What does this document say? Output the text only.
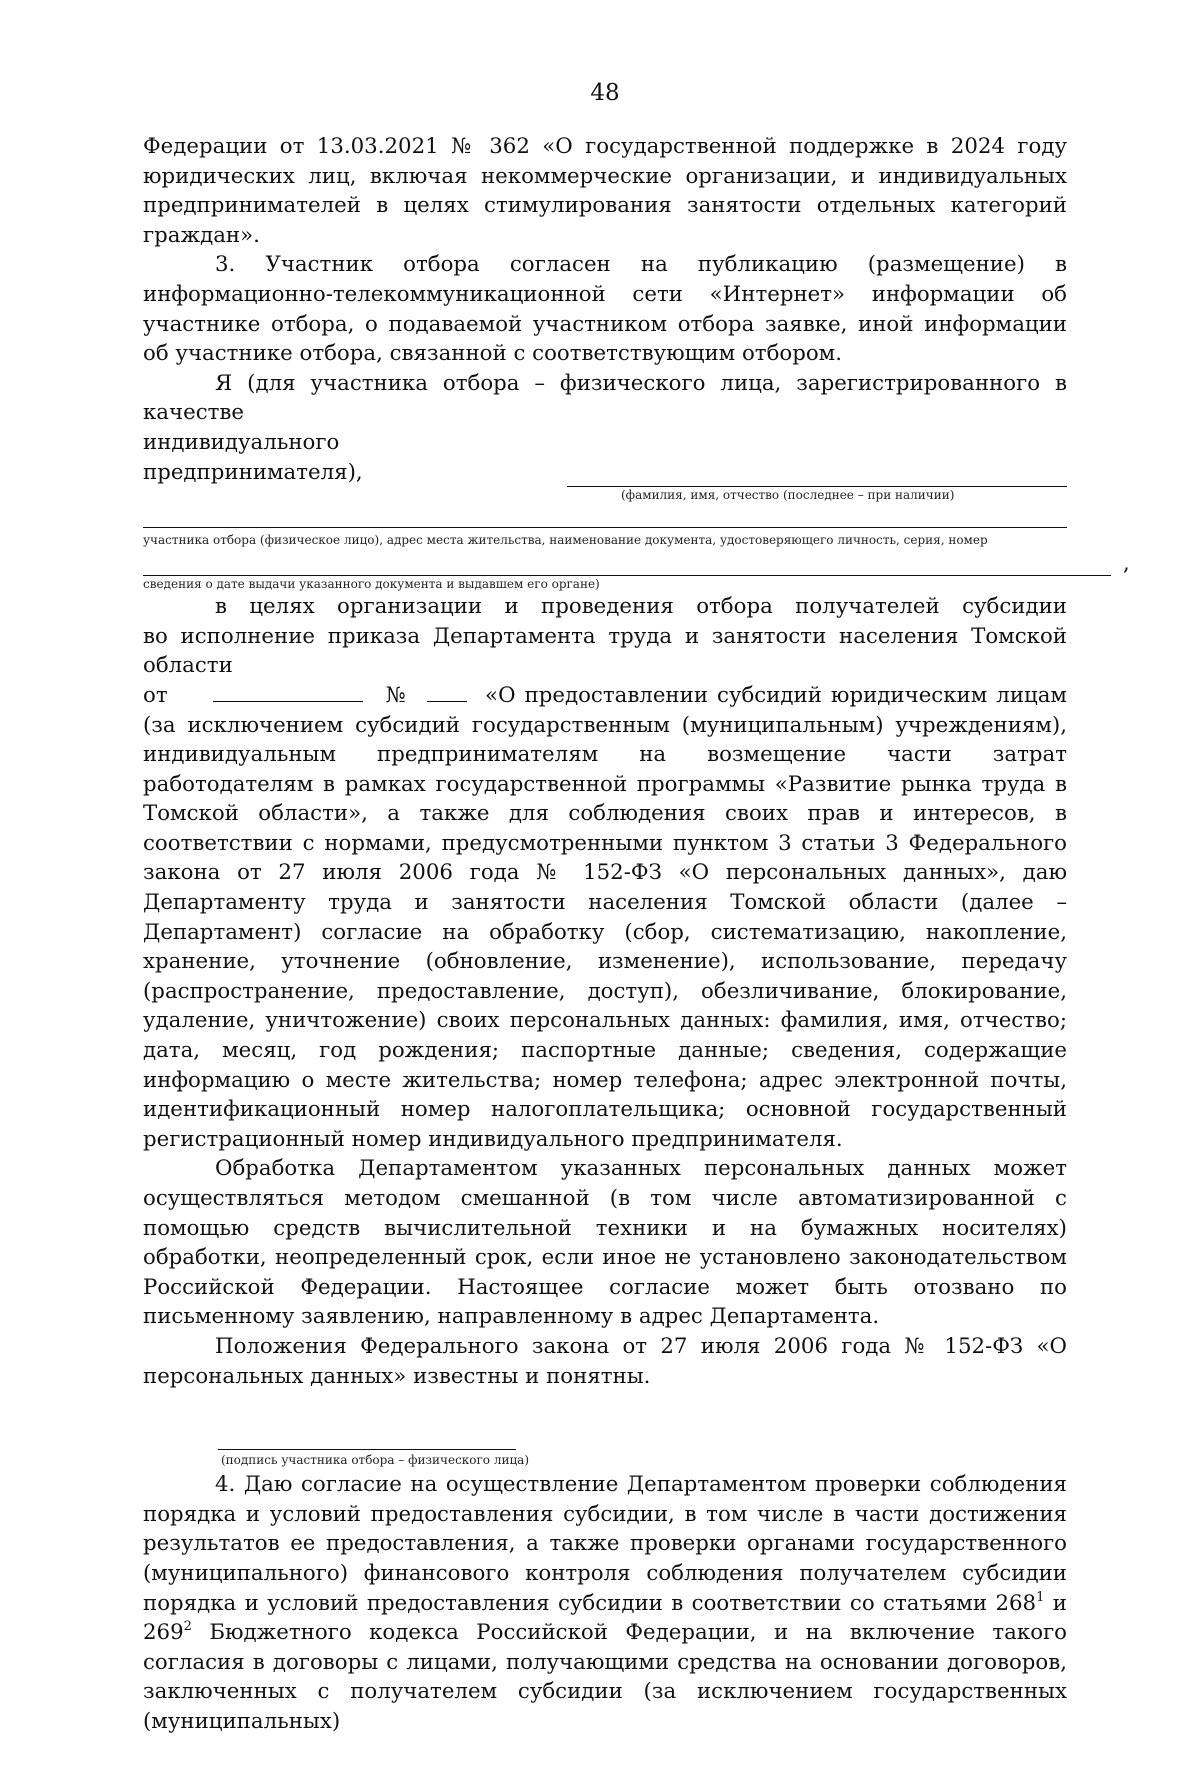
48

Федерации от 13.03.2021 № 362 «О государственной поддержке в 2024 году юридических лиц, включая некоммерческие организации, и индивидуальных предпринимателей в целях стимулирования занятости отдельных категорий граждан».

3. Участник отбора согласен на публикацию (размещение) в информационно-телекоммуникационной сети «Интернет» информации об участнике отбора, о подаваемой участником отбора заявке, иной информации об участнике отбора, связанной с соответствующим отбором.

Я (для участника отбора – физического лица, зарегистрированного в качестве

индивидуального предпринимателя),
(фамилия, имя, отчество (последнее – при наличии)
участника отбора (физическое лицо), адрес места жительства, наименование документа, удостоверяющего личность, серия, номер
,
сведения о дате выдачи указанного документа и выдавшем его органе)

в целях организации и проведения отбора получателей субсидии

во исполнение приказа Департамента труда и занятости населения Томской области

от	№	«О предоставлении субсидий юридическим лицам (за исключением субсидий государственным (муниципальным) учреждениям), индивидуальным предпринимателям на возмещение части затрат работодателям в рамках государственной программы «Развитие рынка труда в Томской области», а также для соблюдения своих прав и интересов, в соответствии с нормами, предусмотренными пунктом 3 статьи 3 Федерального закона от 27 июля 2006 года № 152-ФЗ «О персональных данных», даю Департаменту труда и занятости населения Томской области (далее – Департамент) согласие на обработку (сбор, систематизацию, накопление, хранение, уточнение (обновление, изменение), использование, передачу (распространение, предоставление, доступ), обезличивание, блокирование, удаление, уничтожение) своих персональных данных: фамилия, имя, отчество; дата, месяц, год рождения; паспортные данные; сведения, содержащие информацию о месте жительства; номер телефона; адрес электронной почты, идентификационный номер налогоплательщика; основной государственный регистрационный номер индивидуального предпринимателя.

Обработка Департаментом указанных персональных данных может осуществляться методом смешанной (в том числе автоматизированной с помощью средств вычислительной техники и на бумажных носителях) обработки, неопределенный срок, если иное не установлено законодательством Российской Федерации. Настоящее согласие может быть отозвано по письменному заявлению, направленному в адрес Департамента.

Положения Федерального закона от 27 июля 2006 года № 152-ФЗ «О персональных данных» известны и понятны.

(подпись участника отбора – физического лица)

4. Даю согласие на осуществление Департаментом проверки соблюдения порядка и условий предоставления субсидии, в том числе в части достижения результатов ее предоставления, а также проверки органами государственного (муниципального) финансового контроля соблюдения получателем субсидии порядка и условий предоставления субсидии в соответствии со статьями $268^1$ и $269^2$ Бюджетного кодекса Российской Федерации, и на включение такого согласия в договоры с лицами, получающими средства на основании договоров, заключенных с получателем субсидии (за исключением государственных (муниципальных)
